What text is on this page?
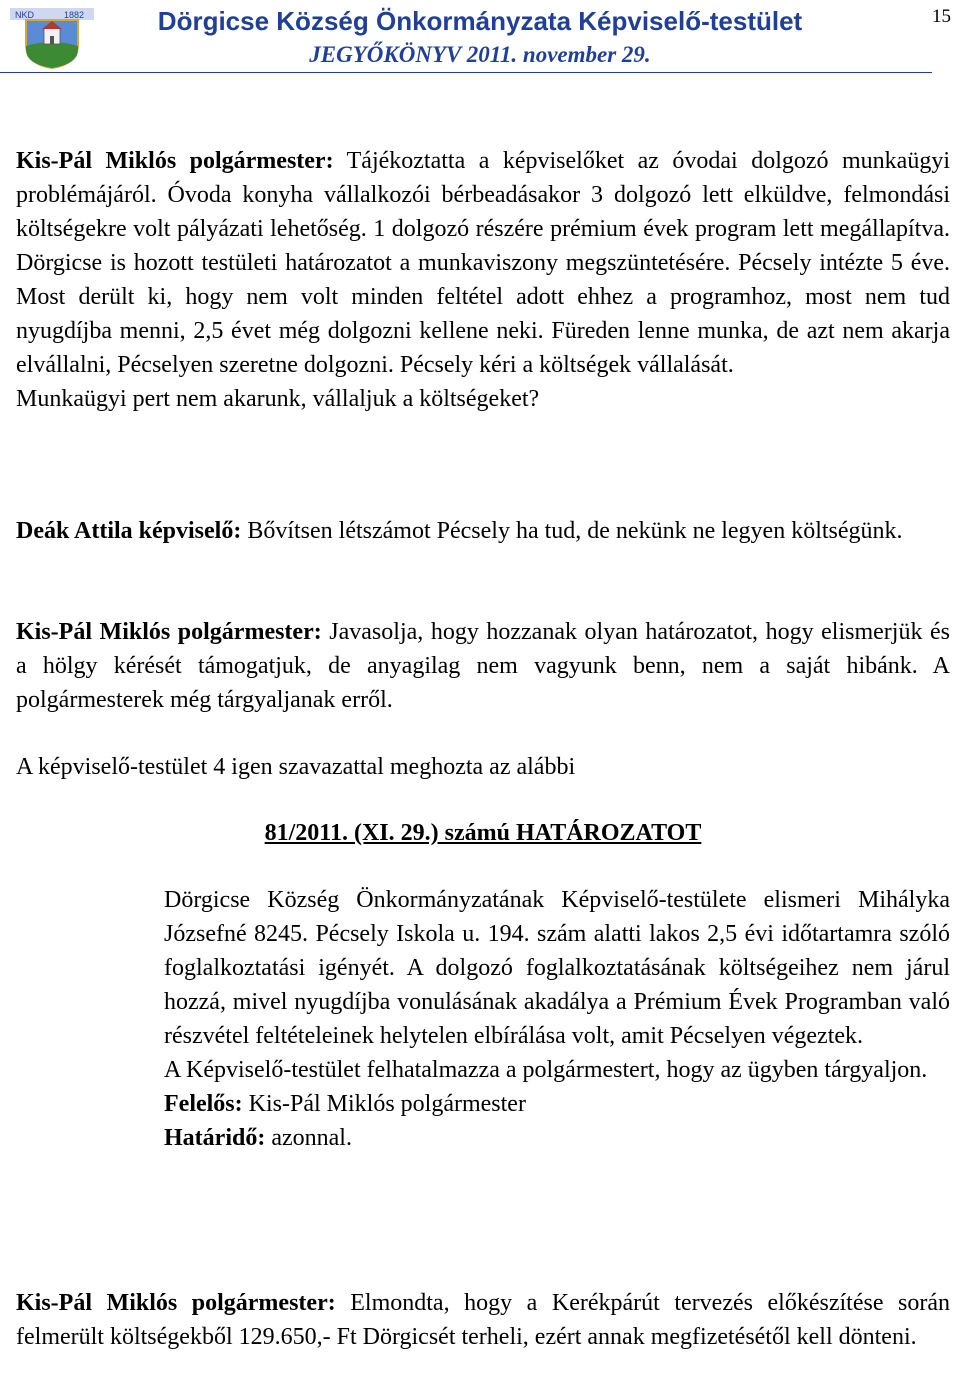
NKD	1882	Dörgicse Község Önkormányzata Képviselő-testület
JEGYŐKÖNYV 2011. november 29.
15

Kis-Pál Miklós polgármester: Tájékoztatta a képviselőket az óvodai dolgozó munkaügyi problémájáról. Óvoda konyha vállalkozói bérbeadásakor 3 dolgozó lett elküldve, felmondási költségekre volt pályázati lehetőség. 1 dolgozó részére prémium évek program lett megállapítva. Dörgicse is hozott testületi határozatot a munkaviszony megszüntetésére. Pécsely intézte 5 éve. Most derült ki, hogy nem volt minden feltétel adott ehhez a programhoz, most nem tud nyugdíjba menni, 2,5 évet még dolgozni kellene neki. Füreden lenne munka, de azt nem akarja elvállalni, Pécselyen szeretne dolgozni. Pécsely kéri a költségek vállalását.

Munkaügyi pert nem akarunk, vállaljuk a költségeket?

Deák Attila képviselő: Bővítsen létszámot Pécsely ha tud, de nekünk ne legyen költségünk.

Kis-Pál Miklós polgármester: Javasolja, hogy hozzanak olyan határozatot, hogy elismerjük és a hölgy kérését támogatjuk, de anyagilag nem vagyunk benn, nem a saját hibánk. A polgármesterek még tárgyaljanak erről.

A képviselő-testület 4 igen szavazattal meghozta az alábbi
81/2011. (XI. 29.) számú HATÁROZATOT

Dörgicse Község Önkormányzatának Képviselő-testülete elismeri Mihályka Józsefné 8245. Pécsely Iskola u. 194. szám alatti lakos 2,5 évi időtartamra szóló foglalkoztatási igényét. A dolgozó foglalkoztatásának költségeihez nem járul hozzá, mivel nyugdíjba vonulásának akadálya a Prémium Évek Programban való részvétel feltételeinek helytelen elbírálása volt, amit Pécselyen végeztek.

A Képviselő-testület felhatalmazza a polgármestert, hogy az ügyben tárgyaljon.

Felelős: Kis-Pál Miklós polgármester

Határidő: azonnal.

Kis-Pál Miklós polgármester: Elmondta, hogy a Kerékpárút tervezés előkészítése során felmerült költségekből 129.650,- Ft Dörgicsét terheli, ezért annak megfizetésétől kell dönteni.
